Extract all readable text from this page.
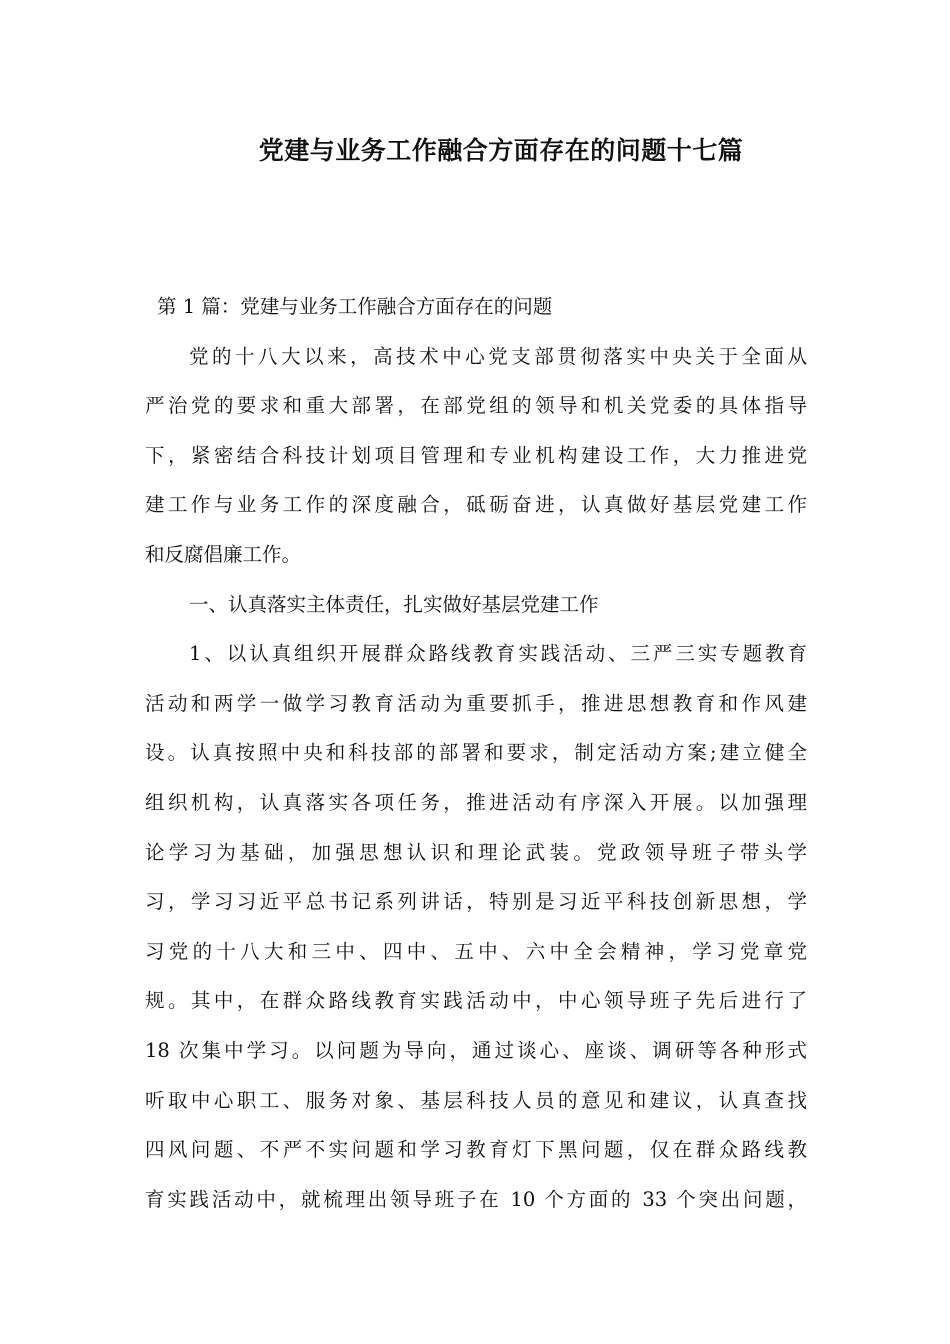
党建与业务工作融合方面存在的问题十七篇
第 1 篇：党建与业务工作融合方面存在的问题
党的十八大以来，高技术中心党支部贯彻落实中央关于全面从
严治党的要求和重大部署，在部党组的领导和机关党委的具体指导
下，紧密结合科技计划项目管理和专业机构建设工作，大力推进党
建工作与业务工作的深度融合，砥砺奋进，认真做好基层党建工作
和反腐倡廉工作。
一、认真落实主体责任，扎实做好基层党建工作
1、以认真组织开展群众路线教育实践活动、三严三实专题教育
活动和两学一做学习教育活动为重要抓手，推进思想教育和作风建
设。认真按照中央和科技部的部署和要求，制定活动方案;建立健全
组织机构，认真落实各项任务，推进活动有序深入开展。以加强理
论学习为基础，加强思想认识和理论武装。党政领导班子带头学
习，学习习近平总书记系列讲话，特别是习近平科技创新思想，学
习党的十八大和三中、四中、五中、六中全会精神，学习党章党
规。其中，在群众路线教育实践活动中，中心领导班子先后进行了
18 次集中学习。以问题为导向，通过谈心、座谈、调研等各种形式
听取中心职工、服务对象、基层科技人员的意见和建议，认真查找
四风问题、不严不实问题和学习教育灯下黑问题，仅在群众路线教
育实践活动中，就梳理出领导班子在 10 个方面的 33 个突出问题，
